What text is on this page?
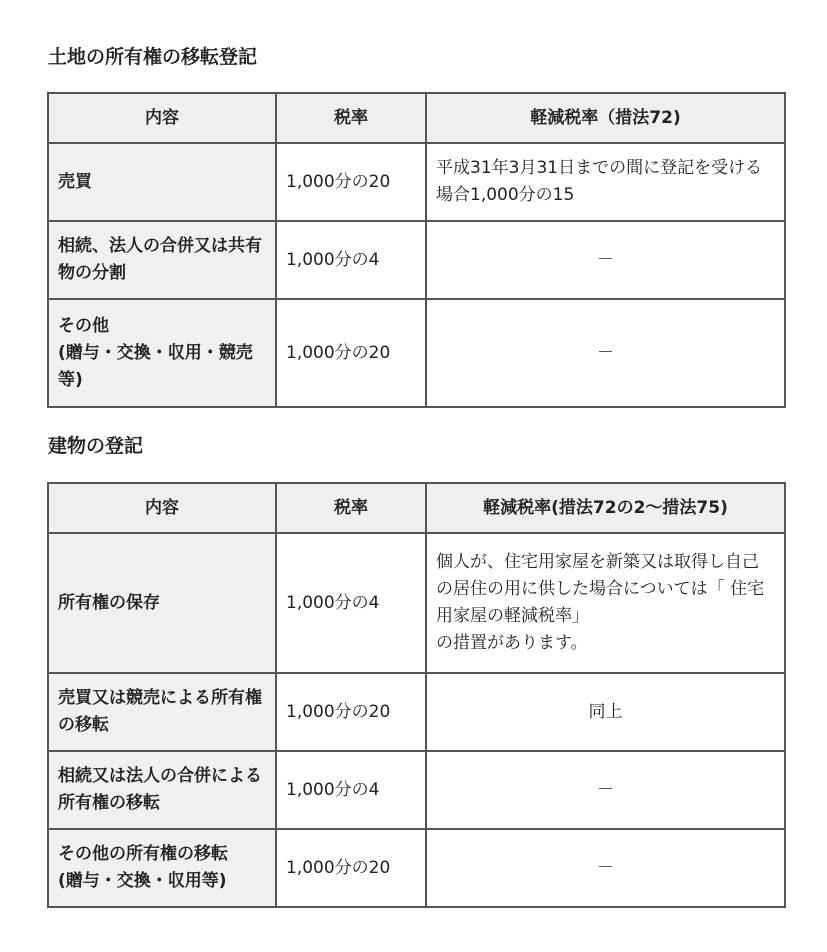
土地の所有権の移転登記
内容	税率	軽減税率（措法72)
売買	1,000分の20	平成31年3月31日までの間に登記を受ける場合1,000分の15
相続、法人の合併又は共有物の分割	1,000分の4	－
その他
(贈与・交換・収用・競売等)	1,000分の20	－
建物の登記
内容	税率	軽減税率(措法72の2〜措法75)
所有権の保存	1,000分の4	個人が、住宅用家屋を新築又は取得し自己の居住の用に供した場合については「 住宅用家屋の軽減税率」
の措置があります。
売買又は競売による所有権の移転	1,000分の20	同上
相続又は法人の合併による所有権の移転	1,000分の4	－
その他の所有権の移転
(贈与・交換・収用等)	1,000分の20	－
